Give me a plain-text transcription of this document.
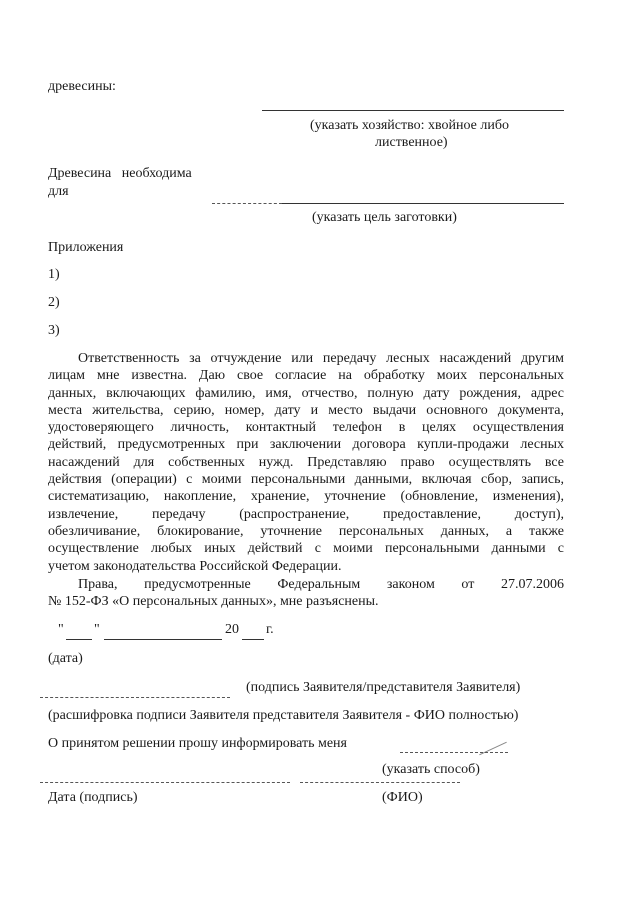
древесины:
(указать хозяйство: хвойное либо
лиственное)
Древесина   необходима
для
(указать цель заготовки)
Приложения
1)
2)
3)
Ответственность за отчуждение или передачу лесных насаждений другим
лицам мне известна. Даю свое согласие на обработку моих персональных
данных, включающих фамилию, имя, отчество, полную дату рождения, адрес
места жительства, серию, номер, дату и место выдачи основного документа,
удостоверяющего личность, контактный телефон в целях осуществления
действий, предусмотренных при заключении договора купли-продажи лесных
насаждений для собственных нужд. Представляю право осуществлять все
действия (операции) с моими персональными данными, включая сбор, запись,
систематизацию, накопление, хранение, уточнение (обновление, изменения),
извлечение, передачу (распространение, предоставление, доступ),
обезличивание, блокирование, уточнение персональных данных, а также
осуществление любых иных действий с моими персональными данными с
учетом законодательства Российской Федерации.
Права,   предусмотренные   Федеральным   законом   от   27.07.2006
№ 152-ФЗ «О персональных данных», мне разъяснены.
" "	20 г.
(дата)
(подпись Заявителя/представителя Заявителя)
(расшифровка подписи Заявителя представителя Заявителя - ФИО полностью)
О принятом решении прошу информировать меня
(указать способ)
Дата (подпись)	(ФИО)
